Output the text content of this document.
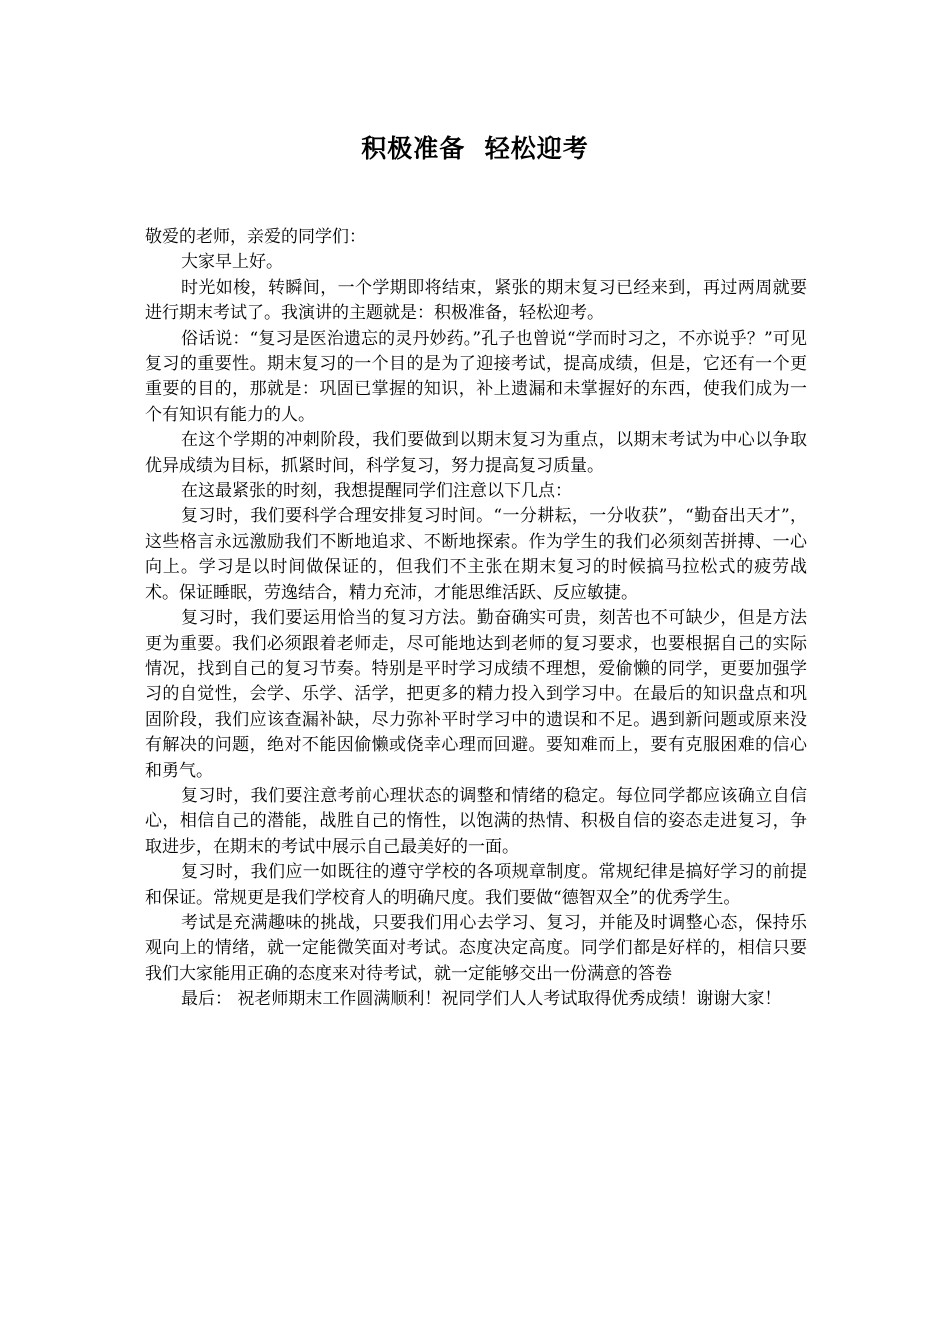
积极准备  轻松迎考

敬爱的老师，亲爱的同学们：

大家早上好。

时光如梭，转瞬间，一个学期即将结束，紧张的期末复习已经来到，再过两周就要进行期末考试了。我演讲的主题就是：积极准备，轻松迎考。

俗话说：“复习是医治遗忘的灵丹妙药。”孔子也曾说“学而时习之，不亦说乎？”可见复习的重要性。期末复习的一个目的是为了迎接考试，提高成绩，但是，它还有一个更重要的目的，那就是：巩固已掌握的知识，补上遗漏和未掌握好的东西，使我们成为一个有知识有能力的人。

在这个学期的冲刺阶段，我们要做到以期末复习为重点，以期末考试为中心以争取优异成绩为目标，抓紧时间，科学复习，努力提高复习质量。

在这最紧张的时刻，我想提醒同学们注意以下几点：

复习时，我们要科学合理安排复习时间。“一分耕耘，一分收获”，“勤奋出天才”，这些格言永远激励我们不断地追求、不断地探索。作为学生的我们必须刻苦拼搏、一心向上。学习是以时间做保证的，但我们不主张在期末复习的时候搞马拉松式的疲劳战术。保证睡眠，劳逸结合，精力充沛，才能思维活跃、反应敏捷。

复习时，我们要运用恰当的复习方法。勤奋确实可贵，刻苦也不可缺少，但是方法更为重要。我们必须跟着老师走，尽可能地达到老师的复习要求，也要根据自己的实际情况，找到自己的复习节奏。特别是平时学习成绩不理想，爱偷懒的同学，更要加强学习的自觉性，会学、乐学、活学，把更多的精力投入到学习中。在最后的知识盘点和巩固阶段，我们应该查漏补缺，尽力弥补平时学习中的遗误和不足。遇到新问题或原来没有解决的问题，绝对不能因偷懒或侥幸心理而回避。要知难而上，要有克服困难的信心和勇气。

复习时，我们要注意考前心理状态的调整和情绪的稳定。每位同学都应该确立自信心，相信自己的潜能，战胜自己的惰性，以饱满的热情、积极自信的姿态走进复习，争取进步，在期末的考试中展示自己最美好的一面。

复习时，我们应一如既往的遵守学校的各项规章制度。常规纪律是搞好学习的前提和保证。常规更是我们学校育人的明确尺度。我们要做“德智双全”的优秀学生。

考试是充满趣味的挑战，只要我们用心去学习、复习，并能及时调整心态，保持乐观向上的情绪，就一定能微笑面对考试。态度决定高度。同学们都是好样的，相信只要我们大家能用正确的态度来对待考试，就一定能够交出一份满意的答卷

最后： 祝老师期末工作圆满顺利！祝同学们人人考试取得优秀成绩！谢谢大家！
